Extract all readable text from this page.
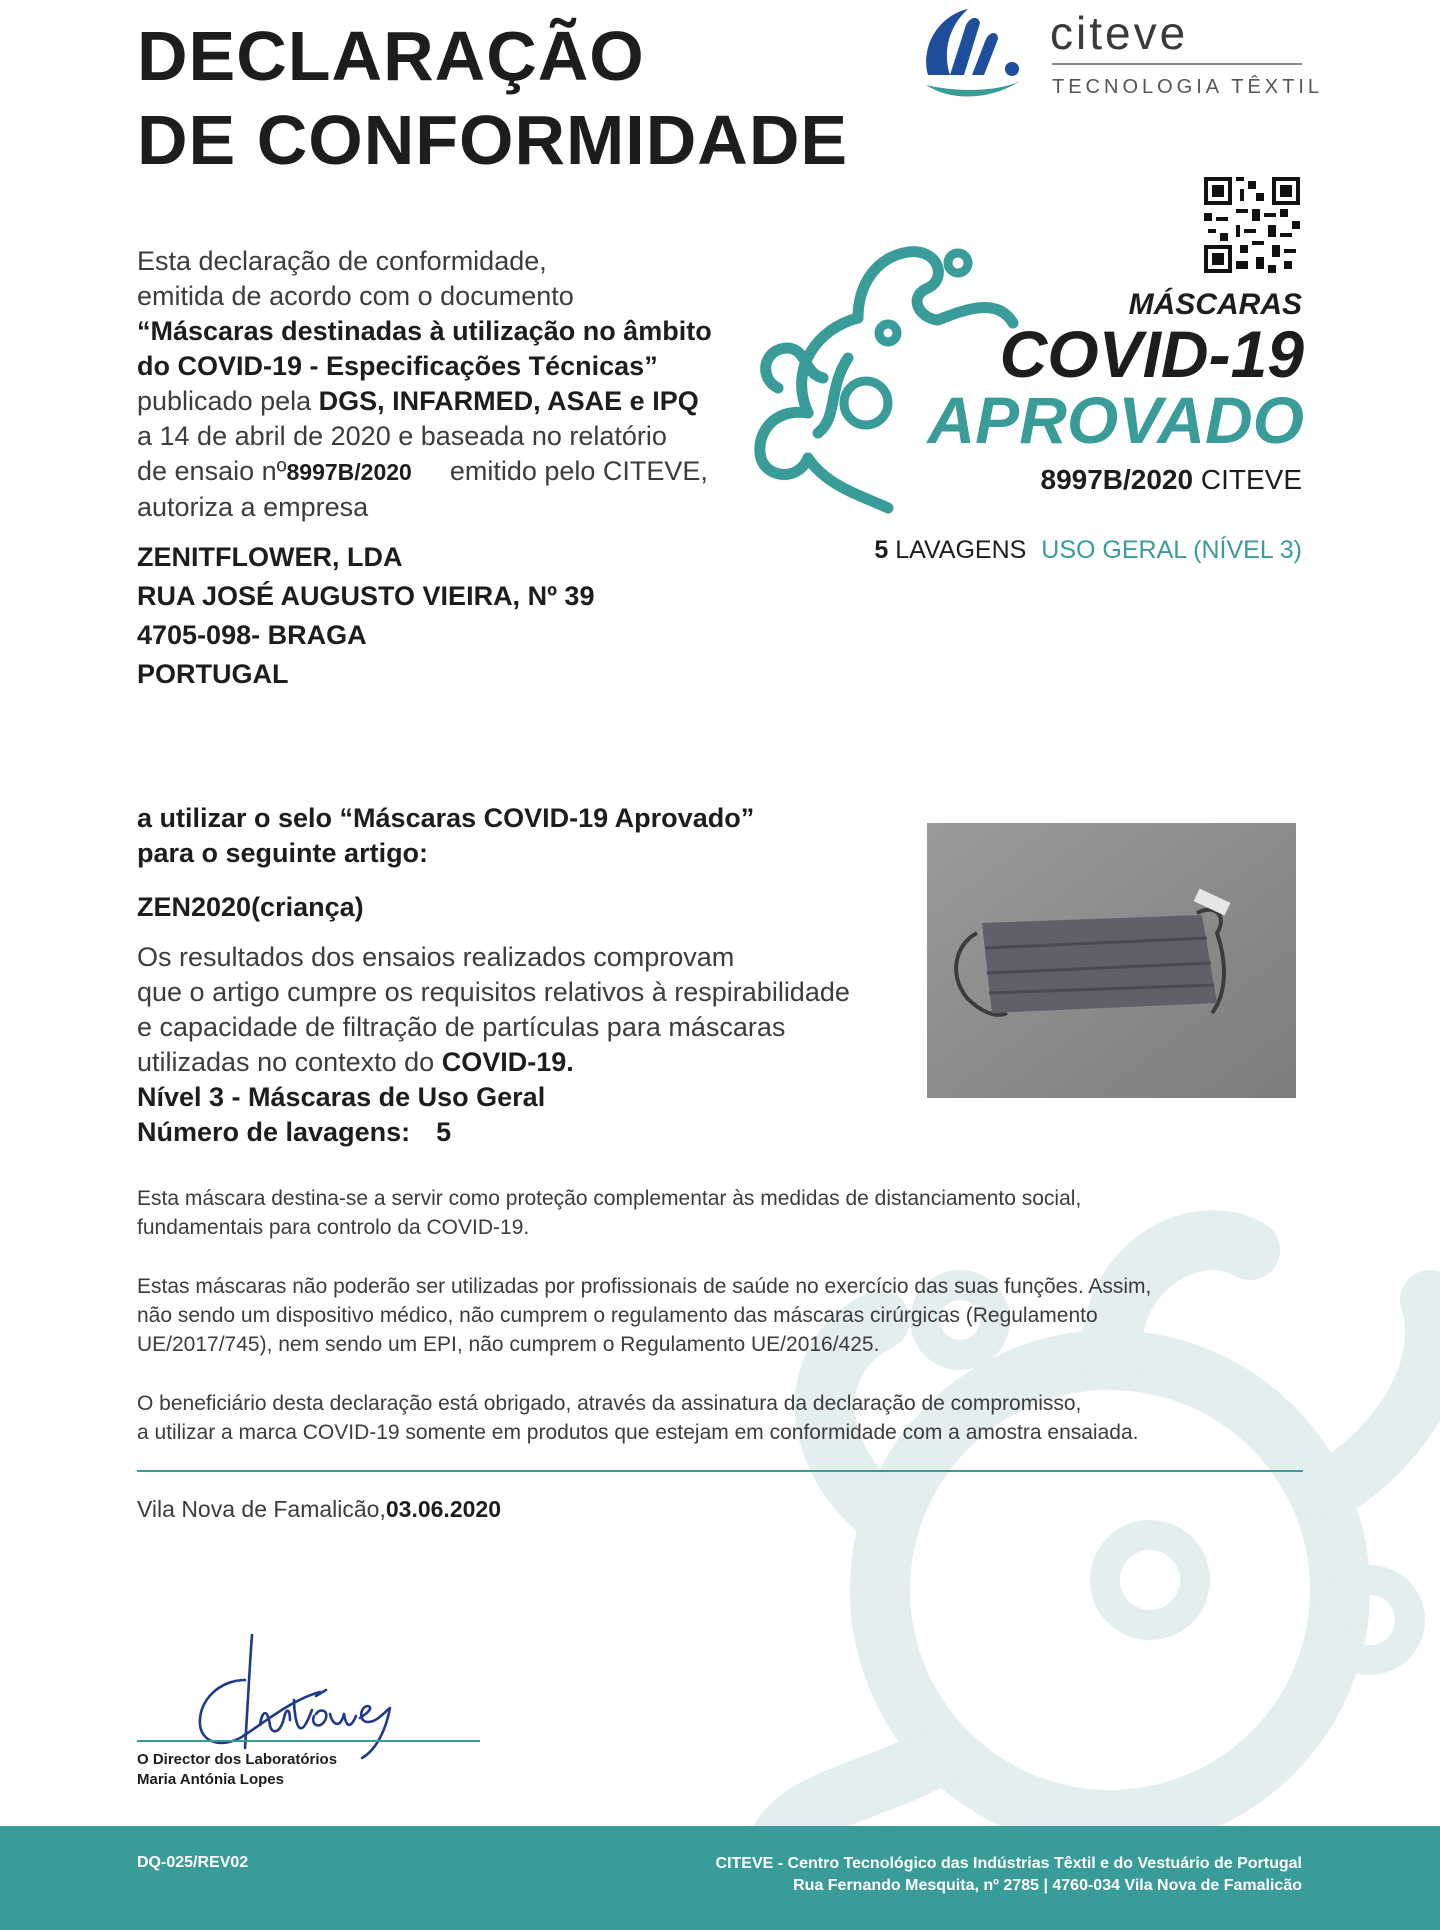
DECLARAÇÃO
DE CONFORMIDADE
citeve
TECNOLOGIA TÊXTIL
Esta declaração de conformidade,
emitida de acordo com o documento
“Máscaras destinadas à utilização no âmbito
do COVID-19 - Especificações Técnicas”
publicado pela DGS, INFARMED, ASAE e IPQ
a 14 de abril de 2020 e baseada no relatório
de ensaio nº8997B/2020 emitido pelo CITEVE,
autoriza a empresa
MÁSCARAS
COVID-19
APROVADO
8997B/2020 CITEVE
5 LAVAGENS USO GERAL (NÍVEL 3)
ZENITFLOWER, LDA
RUA JOSÉ AUGUSTO VIEIRA, Nº 39
4705-098- BRAGA
PORTUGAL
a utilizar o selo “Máscaras COVID-19 Aprovado”
para o seguinte artigo:
ZEN2020(criança)
Os resultados dos ensaios realizados comprovam
que o artigo cumpre os requisitos relativos à respirabilidade
e capacidade de filtração de partículas para máscaras
utilizadas no contexto do COVID-19.
Nível 3 - Máscaras de Uso Geral
Número de lavagens: 5
Esta máscara destina-se a servir como proteção complementar às medidas de distanciamento social,
fundamentais para controlo da COVID-19.
Estas máscaras não poderão ser utilizadas por profissionais de saúde no exercício das suas funções. Assim,
não sendo um dispositivo médico, não cumprem o regulamento das máscaras cirúrgicas (Regulamento
UE/2017/745), nem sendo um EPI, não cumprem o Regulamento UE/2016/425.
O beneficiário desta declaração está obrigado, através da assinatura da declaração de compromisso,
a utilizar a marca COVID-19 somente em produtos que estejam em conformidade com a amostra ensaiada.
Vila Nova de Famalicão,03.06.2020
O Director dos Laboratórios
Maria Antónia Lopes
DQ-025/REV02	CITEVE - Centro Tecnológico das Indústrias Têxtil e do Vestuário de Portugal
Rua Fernando Mesquita, nº 2785 | 4760-034 Vila Nova de Famalicão
